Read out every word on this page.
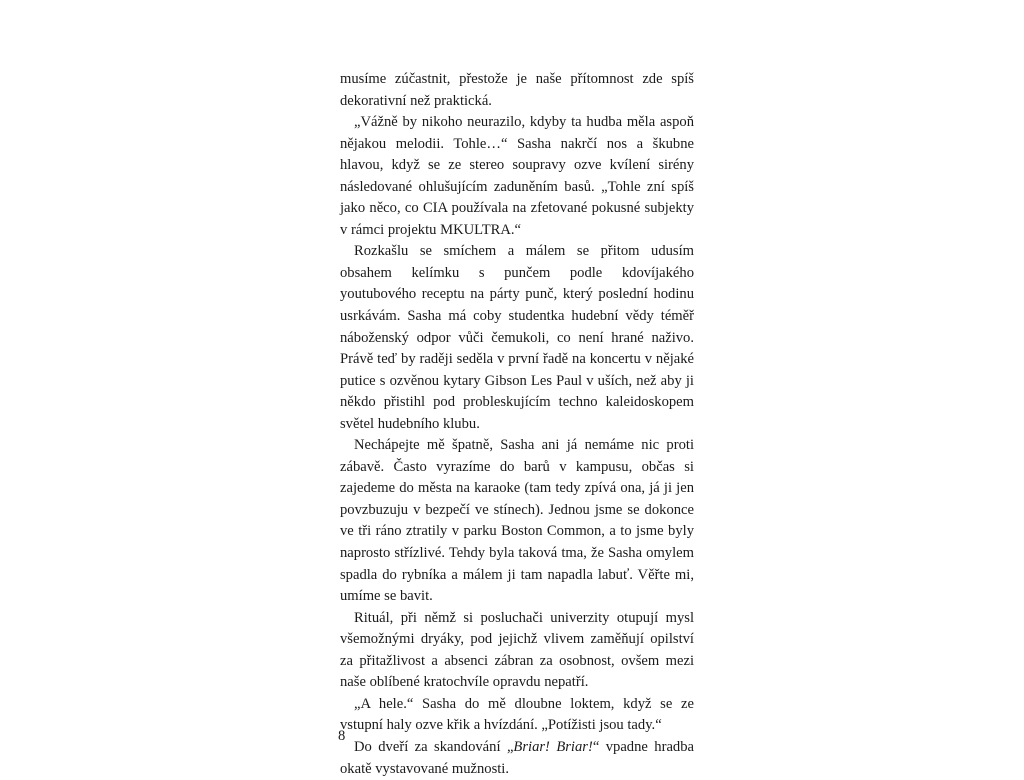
musíme zúčastnit, přestože je naše přítomnost zde spíš dekorativní než praktická.

„Vážně by nikoho neurazilo, kdyby ta hudba měla aspoň nějakou melodii. Tohle…“ Sasha nakrčí nos a škubne hlavou, když se ze stereo soupravy ozve kvílení sirény následované ohlušujícím zaduněním basů. „Tohle zní spíš jako něco, co CIA používala na zfetované pokusné subjekty v rámci projektu MKULTRA.“

Rozkašlu se smíchem a málem se přitom udusím obsahem kelímku s punčem podle kdovíjakého youtubového receptu na párty punč, který poslední hodinu usrkávám. Sasha má coby studentka hudební vědy téměř náboženský odpor vůči čemukoli, co není hrané naživo. Právě teď by raději seděla v první řadě na koncertu v nějaké putice s ozvěnou kytary Gibson Les Paul v uších, než aby ji někdo přistihl pod probleskujícím techno kaleidoskopem světel hudebního klubu.

Nechápejte mě špatně, Sasha ani já nemáme nic proti zábavě. Často vyrazíme do barů v kampusu, občas si zajedeme do města na karaoke (tam tedy zpívá ona, já ji jen povzbuzuju v bezpečí ve stínech). Jednou jsme se dokonce ve tři ráno ztratily v parku Boston Common, a to jsme byly naprosto střízlivé. Tehdy byla taková tma, že Sasha omylem spadla do rybníka a málem ji tam napadla labuť. Věřte mi, umíme se bavit.

Rituál, při němž si posluchači univerzity otupují mysl všemožnými dryáky, pod jejichž vlivem zaměňují opilství za přitažlivost a absenci zábran za osobnost, ovšem mezi naše oblíbené kratochvíle opravdu nepatří.

„A hele.“ Sasha do mě dloubne loktem, když se ze vstupní haly ozve křik a hvízdání. „Potížisti jsou tady.“

Do dveří za skandování „Briar! Briar!“ vpadne hradba okatě vystavované mužnosti.

8
